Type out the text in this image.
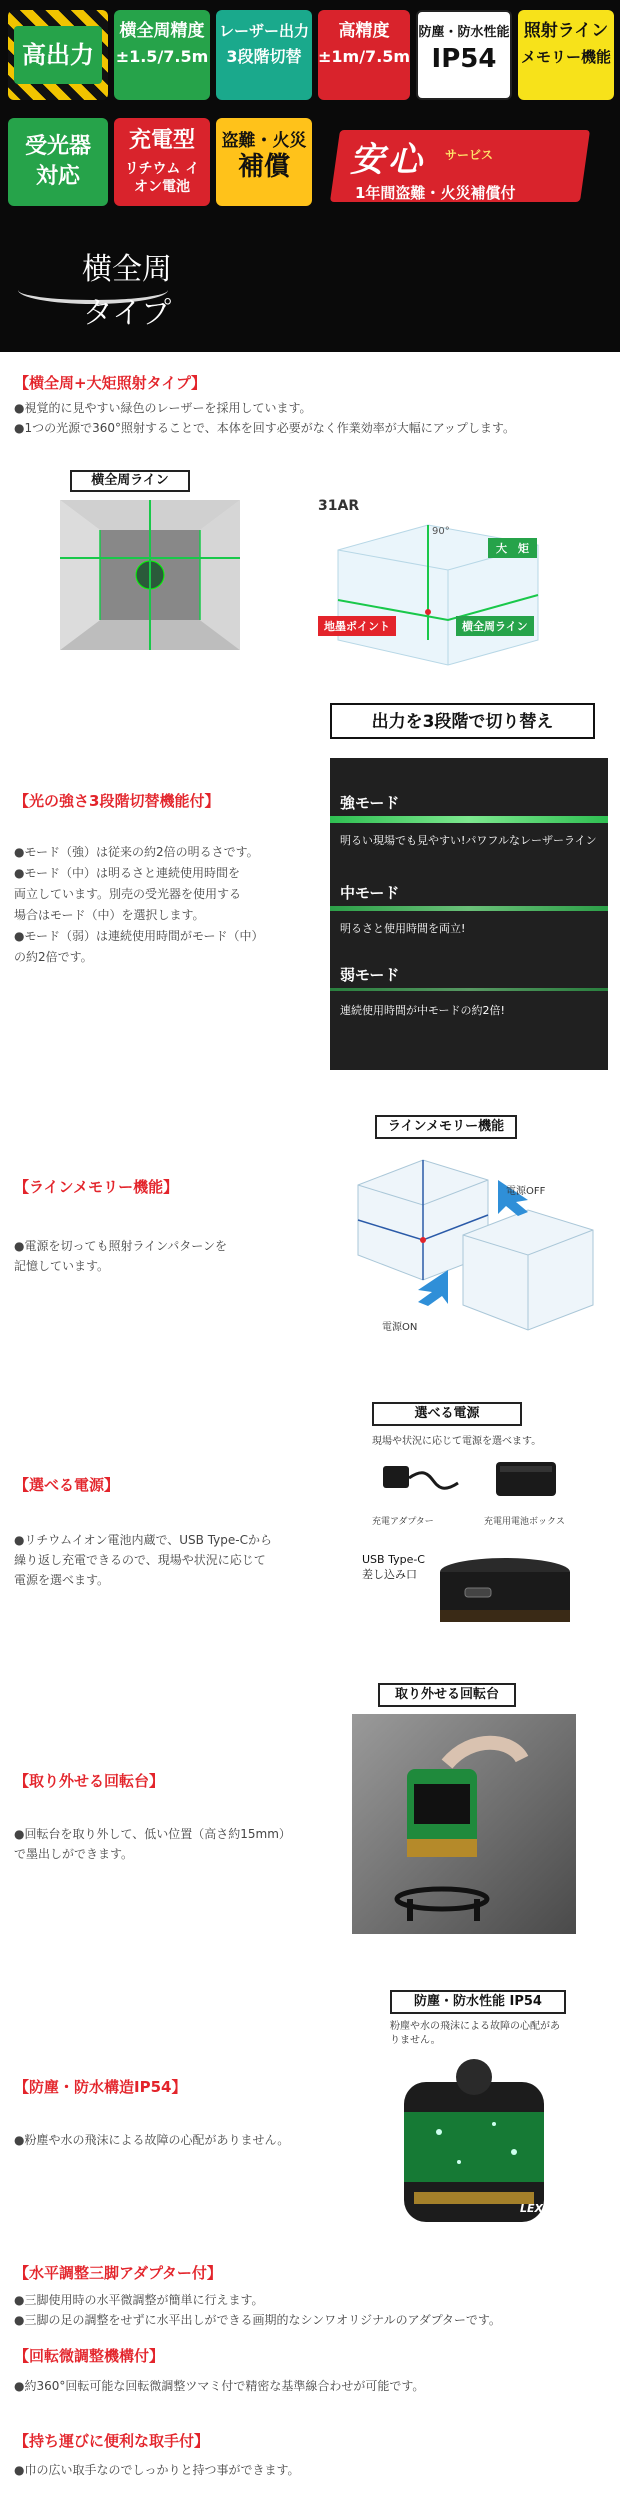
高出力
横全周精度
±1.5/7.5m
レーザー出力
3段階切替
高精度
±1m/7.5m
防塵・防水性能
IP54
照射ライン
メモリー機能
受光器
対応
充電型
リチウム イオン電池
盗難・火災
補償	安心 サービス
1年間盗難・火災補償付
横全周
タイプ
【横全周+大矩照射タイプ】

●視覚的に見やすい緑色のレーザーを採用しています。

●1つの光源で360°照射することで、本体を回す必要がなく作業効率が大幅にアップします。

横全周ライン
31AR
90°
大　矩
地墨ポイント	横全周ライン
出力を3段階で切り替え
【光の強さ3段階切替機能付】

●モード（強）は従来の約2倍の明るさです。

●モード（中）は明るさと連続使用時間を

両立しています。別売の受光器を使用する

場合はモード（中）を選択します。

●モード（弱）は連続使用時間がモード（中）

の約2倍です。

強モード
明るい現場でも見やすい!パワフルなレーザーライン
中モード
明るさと使用時間を両立!
弱モード
連続使用時間が中モードの約2倍!
ラインメモリー機能
【ラインメモリー機能】

●電源を切っても照射ラインパターンを

記憶しています。

電源OFF
電源ON
選べる電源
現場や状況に応じて電源を選べます。
充電アダプター	充電用電池ボックス
【選べる電源】

●リチウムイオン電池内蔵で、USB Type-Cから

繰り返し充電できるので、現場や状況に応じて

電源を選べます。

USB Type-C
差し込み口
取り外せる回転台
【取り外せる回転台】

●回転台を取り外して、低い位置（高さ約15mm）

で墨出しができます。

防塵・防水性能 IP54
粉塵や水の飛沫による故障の心配があ
りません。
【防塵・防水構造IP54】

●粉塵や水の飛沫による故障の心配がありません。

LEXIA
【水平調整三脚アダプター付】

●三脚使用時の水平微調整が簡単に行えます。

●三脚の足の調整をせずに水平出しができる画期的なシンワオリジナルのアダプターです。

【回転微調整機構付】

●約360°回転可能な回転微調整ツマミ付で精密な基準線合わせが可能です。

【持ち運びに便利な取手付】

●巾の広い取手なのでしっかりと持つ事ができます。
